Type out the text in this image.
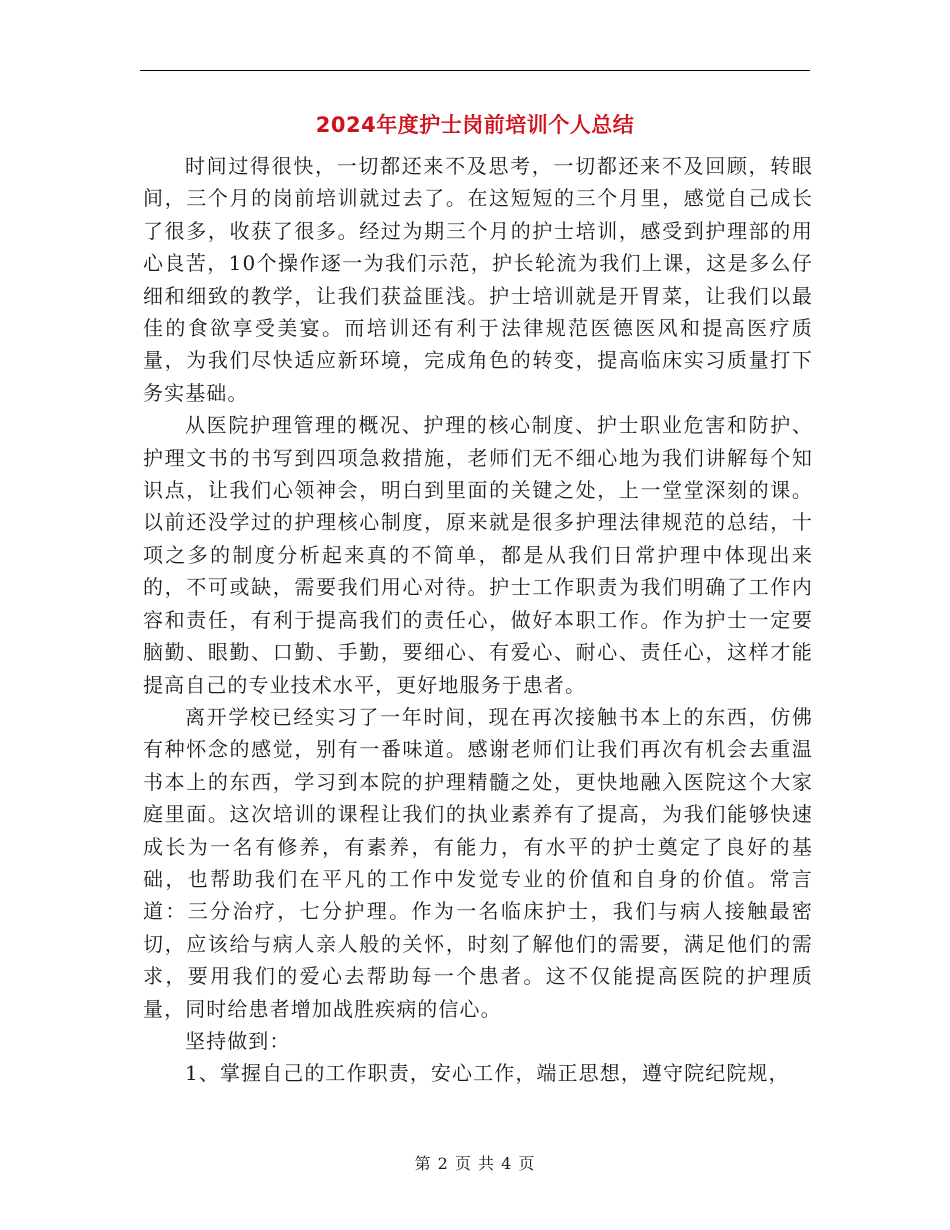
2024年度护士岗前培训个人总结

时间过得很快，一切都还来不及思考，一切都还来不及回顾，转眼间，三个月的岗前培训就过去了。在这短短的三个月里，感觉自己成长了很多，收获了很多。经过为期三个月的护士培训，感受到护理部的用心良苦，10个操作逐一为我们示范，护长轮流为我们上课，这是多么仔细和细致的教学，让我们获益匪浅。护士培训就是开胃菜，让我们以最佳的食欲享受美宴。而培训还有利于法律规范医德医风和提高医疗质量，为我们尽快适应新环境，完成角色的转变，提高临床实习质量打下务实基础。

从医院护理管理的概况、护理的核心制度、护士职业危害和防护、护理文书的书写到四项急救措施，老师们无不细心地为我们讲解每个知识点，让我们心领神会，明白到里面的关键之处，上一堂堂深刻的课。以前还没学过的护理核心制度，原来就是很多护理法律规范的总结，十项之多的制度分析起来真的不简单，都是从我们日常护理中体现出来的，不可或缺，需要我们用心对待。护士工作职责为我们明确了工作内容和责任，有利于提高我们的责任心，做好本职工作。作为护士一定要脑勤、眼勤、口勤、手勤，要细心、有爱心、耐心、责任心，这样才能提高自己的专业技术水平，更好地服务于患者。

离开学校已经实习了一年时间，现在再次接触书本上的东西，仿佛有种怀念的感觉，别有一番味道。感谢老师们让我们再次有机会去重温书本上的东西，学习到本院的护理精髓之处，更快地融入医院这个大家庭里面。这次培训的课程让我们的执业素养有了提高，为我们能够快速成长为一名有修养，有素养，有能力，有水平的护士奠定了良好的基础，也帮助我们在平凡的工作中发觉专业的价值和自身的价值。常言道：三分治疗，七分护理。作为一名临床护士，我们与病人接触最密切，应该给与病人亲人般的关怀，时刻了解他们的需要，满足他们的需求，要用我们的爱心去帮助每一个患者。这不仅能提高医院的护理质量，同时给患者增加战胜疾病的信心。

坚持做到：

1、掌握自己的工作职责，安心工作，端正思想，遵守院纪院规，

第 2 页 共 4 页
